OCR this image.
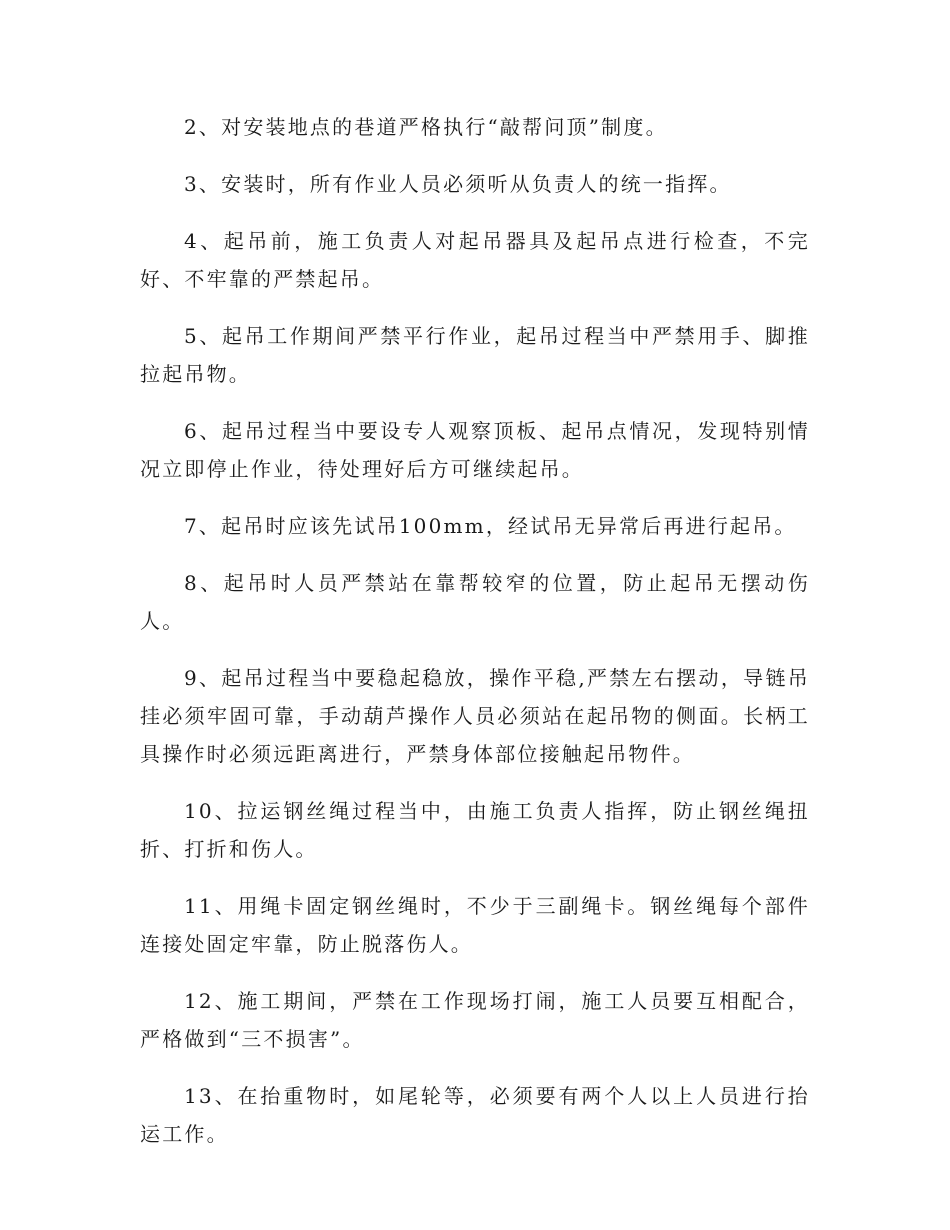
2、对安装地点的巷道严格执行“敲帮问顶”制度。

3、安装时，所有作业人员必须听从负责人的统一指挥。

4、起吊前，施工负责人对起吊器具及起吊点进行检查，不完好、不牢靠的严禁起吊。

5、起吊工作期间严禁平行作业，起吊过程当中严禁用手、脚推拉起吊物。

6、起吊过程当中要设专人观察顶板、起吊点情况，发现特别情况立即停止作业，待处理好后方可继续起吊。

7、起吊时应该先试吊100mm，经试吊无异常后再进行起吊。

8、起吊时人员严禁站在靠帮较窄的位置，防止起吊无摆动伤人。

9、起吊过程当中要稳起稳放，操作平稳,严禁左右摆动，导链吊挂必须牢固可靠，手动葫芦操作人员必须站在起吊物的侧面。长柄工具操作时必须远距离进行，严禁身体部位接触起吊物件。

10、拉运钢丝绳过程当中，由施工负责人指挥，防止钢丝绳扭折、打折和伤人。

11、用绳卡固定钢丝绳时，不少于三副绳卡。钢丝绳每个部件连接处固定牢靠，防止脱落伤人。

12、施工期间，严禁在工作现场打闹，施工人员要互相配合，严格做到“三不损害”。

13、在抬重物时，如尾轮等，必须要有两个人以上人员进行抬运工作。
